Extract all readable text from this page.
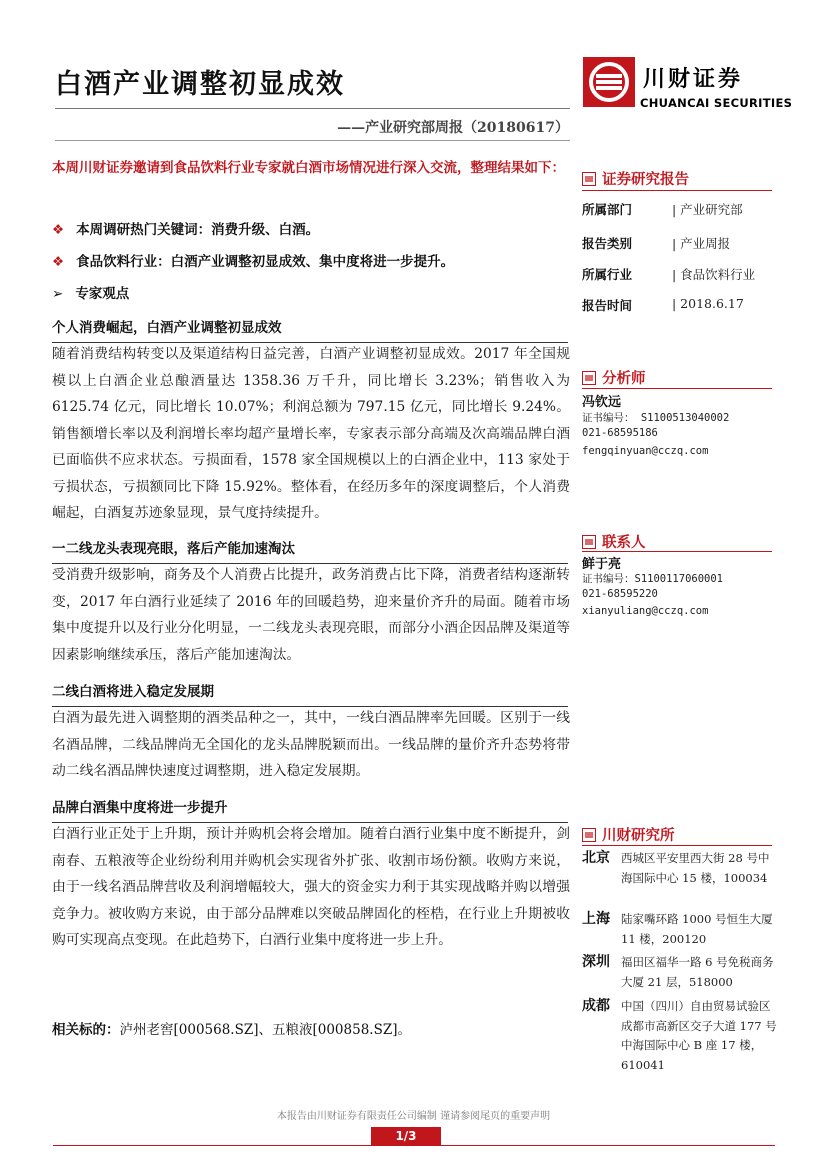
白酒产业调整初显成效
——产业研究部周报（20180617）
川财证券
CHUANCAI SECURITIES
本周川财证券邀请到食品饮料行业专家就白酒市场情况进行深入交流，整理结果如下：
❖ 本周调研热门关键词：消费升级、白酒。
❖ 食品饮料行业：白酒产业调整初显成效、集中度将进一步提升。
➢ 专家观点
个人消费崛起，白酒产业调整初显成效
随着消费结构转变以及渠道结构日益完善，白酒产业调整初显成效。2017 年全国规模以上白酒企业总酿酒量达 1358.36 万千升，同比增长 3.23%；销售收入为 6125.74 亿元，同比增长 10.07%；利润总额为 797.15 亿元，同比增长 9.24%。销售额增长率以及利润增长率均超产量增长率，专家表示部分高端及次高端品牌白酒已面临供不应求状态。亏损面看，1578 家全国规模以上的白酒企业中，113 家处于亏损状态，亏损额同比下降 15.92%。整体看，在经历多年的深度调整后，个人消费崛起，白酒复苏迹象显现，景气度持续提升。
一二线龙头表现亮眼，落后产能加速淘汰
受消费升级影响，商务及个人消费占比提升，政务消费占比下降，消费者结构逐渐转变，2017 年白酒行业延续了 2016 年的回暖趋势，迎来量价齐升的局面。随着市场集中度提升以及行业分化明显，一二线龙头表现亮眼，而部分小酒企因品牌及渠道等因素影响继续承压，落后产能加速淘汰。
二线白酒将进入稳定发展期
白酒为最先进入调整期的酒类品种之一，其中，一线白酒品牌率先回暖。区别于一线名酒品牌，二线品牌尚无全国化的龙头品牌脱颖而出。一线品牌的量价齐升态势将带动二线名酒品牌快速度过调整期，进入稳定发展期。
品牌白酒集中度将进一步提升
白酒行业正处于上升期，预计并购机会将会增加。随着白酒行业集中度不断提升，剑南春、五粮液等企业纷纷利用并购机会实现省外扩张、收割市场份额。收购方来说，由于一线名酒品牌营收及利润增幅较大，强大的资金实力利于其实现战略并购以增强竞争力。被收购方来说，由于部分品牌难以突破品牌固化的桎梏，在行业上升期被收购可实现高点变现。在此趋势下，白酒行业集中度将进一步上升。
相关标的：泸州老窖[000568.SZ]、五粮液[000858.SZ]。
证券研究报告
所属部门	| 产业研究部
报告类别	| 产业周报
所属行业	| 食品饮料行业
报告时间	| 2018.6.17
分析师
冯钦远
证书编号： S1100513040002
021-68595186
fengqinyuan@cczq.com
联系人
鲜于亮
证书编号：S1100117060001
021-68595220
xianyuliang@cczq.com
川财研究所
北京 西城区平安里西大街 28 号中海国际中心 15 楼，100034
上海 陆家嘴环路 1000 号恒生大厦 11 楼，200120
深圳 福田区福华一路 6 号免税商务大厦 21 层，518000
成都 中国（四川）自由贸易试验区成都市高新区交子大道 177 号中海国际中心 B 座 17 楼，610041
本报告由川财证券有限责任公司编制 谨请参阅尾页的重要声明
1/3
